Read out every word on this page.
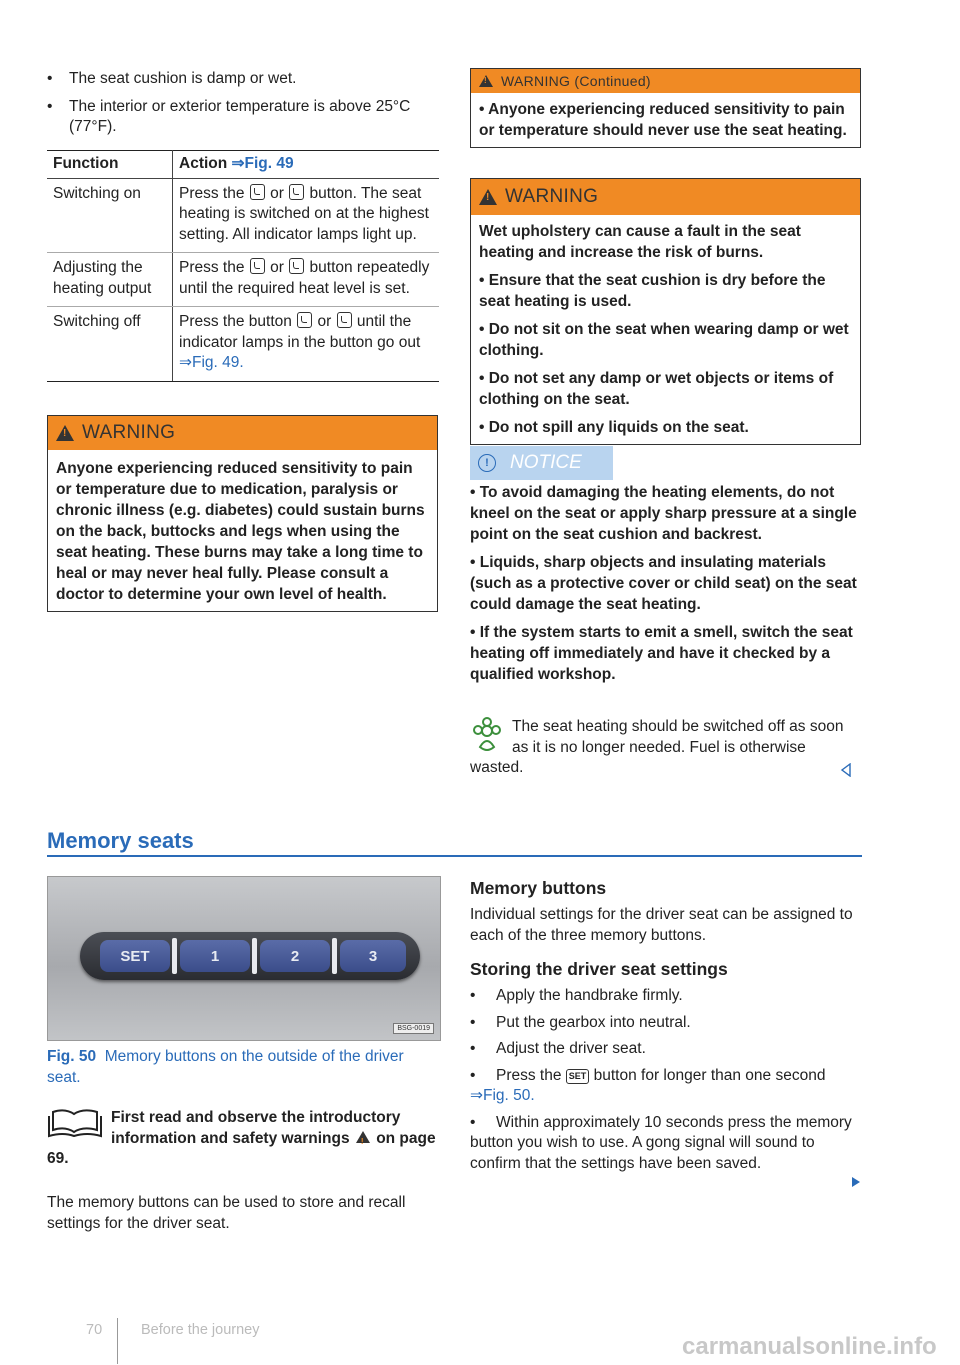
• The seat cushion is damp or wet.
• The interior or exterior temperature is above 25°C (77°F).
Function	Action ⇒Fig. 49
Switching on	Press the or button. The seat heating is switched on at the highest setting. All indicator lamps light up.
Adjusting the heating output	Press the or button repeatedly until the required heat level is set.
Switching off	Press the button or until the indicator lamps in the button go out ⇒Fig. 49.
!
WARNING
Anyone experiencing reduced sensitivity to pain or temperature due to medication, paralysis or chronic illness (e.g. diabetes) could sustain burns on the back, buttocks and legs when using the seat heating. These burns may take a long time to heal or may never heal fully. Please consult a doctor to determine your own level of health.
!
WARNING (Continued)
• Anyone experiencing reduced sensitivity to pain or temperature should never use the seat heating.
!
WARNING

Wet upholstery can cause a fault in the seat heating and increase the risk of burns.

• Ensure that the seat cushion is dry before the seat heating is used.

• Do not sit on the seat when wearing damp or wet clothing.

• Do not set any damp or wet objects or items of clothing on the seat.

• Do not spill any liquids on the seat.

!	NOTICE

• To avoid damaging the heating elements, do not kneel on the seat or apply sharp pressure at a single point on the seat cushion and backrest.

• Liquids, sharp objects and insulating materials (such as a protective cover or child seat) on the seat could damage the seat heating.

• If the system starts to emit a smell, switch the seat heating off immediately and have it checked by a qualified workshop.

The seat heating should be switched off as soon as it is no longer needed. Fuel is otherwise wasted.
Memory seats
SET	1	2	3
BSG-0019
Fig. 50 Memory buttons on the outside of the driver seat.
First read and observe the introductory information and safety warnings ! on page 69.
The memory buttons can be used to store and recall settings for the driver seat.
Memory buttons
Individual settings for the driver seat can be assigned to each of the three memory buttons.
Storing the driver seat settings
• Apply the handbrake firmly.
• Put the gearbox into neutral.
• Adjust the driver seat.
• Press the SET button for longer than one second ⇒Fig. 50.
• Within approximately 10 seconds press the memory button you wish to use. A gong signal will sound to confirm that the settings have been saved.
70	Before the journey
carmanualsonline.info
